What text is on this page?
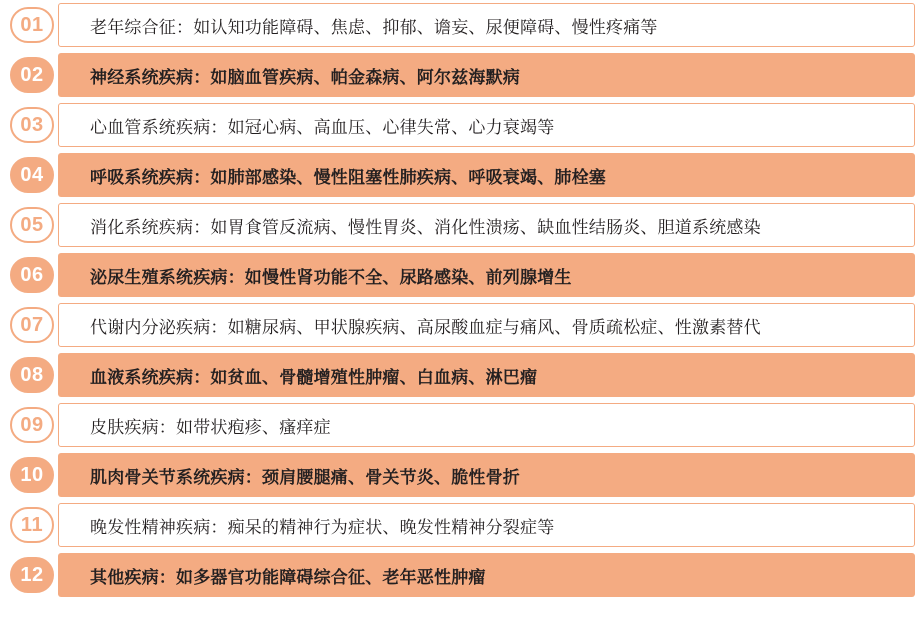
01	老年综合征：如认知功能障碍、焦虑、抑郁、谵妄、尿便障碍、慢性疼痛等
02	神经系统疾病：如脑血管疾病、帕金森病、阿尔兹海默病
03	心血管系统疾病：如冠心病、高血压、心律失常、心力衰竭等
04	呼吸系统疾病：如肺部感染、慢性阻塞性肺疾病、呼吸衰竭、肺栓塞
05	消化系统疾病：如胃食管反流病、慢性胃炎、消化性溃疡、缺血性结肠炎、胆道系统感染
06	泌尿生殖系统疾病：如慢性肾功能不全、尿路感染、前列腺增生
07	代谢内分泌疾病：如糖尿病、甲状腺疾病、高尿酸血症与痛风、骨质疏松症、性激素替代
08	血液系统疾病：如贫血、骨髓增殖性肿瘤、白血病、淋巴瘤
09	皮肤疾病：如带状疱疹、瘙痒症
10	肌肉骨关节系统疾病：颈肩腰腿痛、骨关节炎、脆性骨折
11	晚发性精神疾病：痴呆的精神行为症状、晚发性精神分裂症等
12	其他疾病：如多器官功能障碍综合征、老年恶性肿瘤
